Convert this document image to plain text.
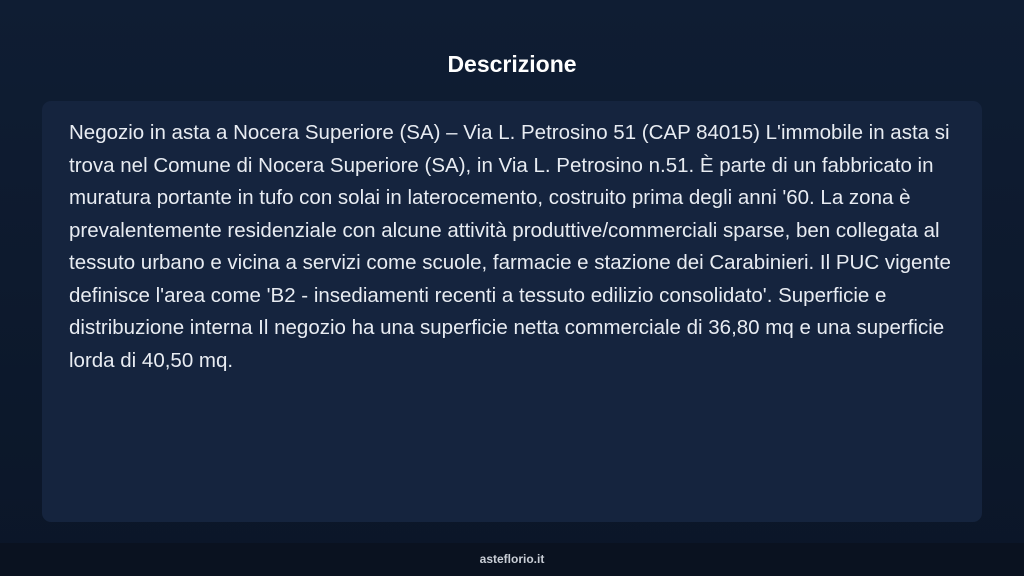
Descrizione

Negozio in asta a Nocera Superiore (SA) – Via L. Petrosino 51 (CAP 84015) L'immobile in asta si trova nel Comune di Nocera Superiore (SA), in Via L. Petrosino n.51. È parte di un fabbricato in muratura portante in tufo con solai in laterocemento, costruito prima degli anni '60. La zona è prevalentemente residenziale con alcune attività produttive/commerciali sparse, ben collegata al tessuto urbano e vicina a servizi come scuole, farmacie e stazione dei Carabinieri. Il PUC vigente definisce l'area come 'B2 - insediamenti recenti a tessuto edilizio consolidato'. Superficie e distribuzione interna Il negozio ha una superficie netta commerciale di 36,80 mq e una superficie lorda di 40,50 mq.

asteflorio.it
